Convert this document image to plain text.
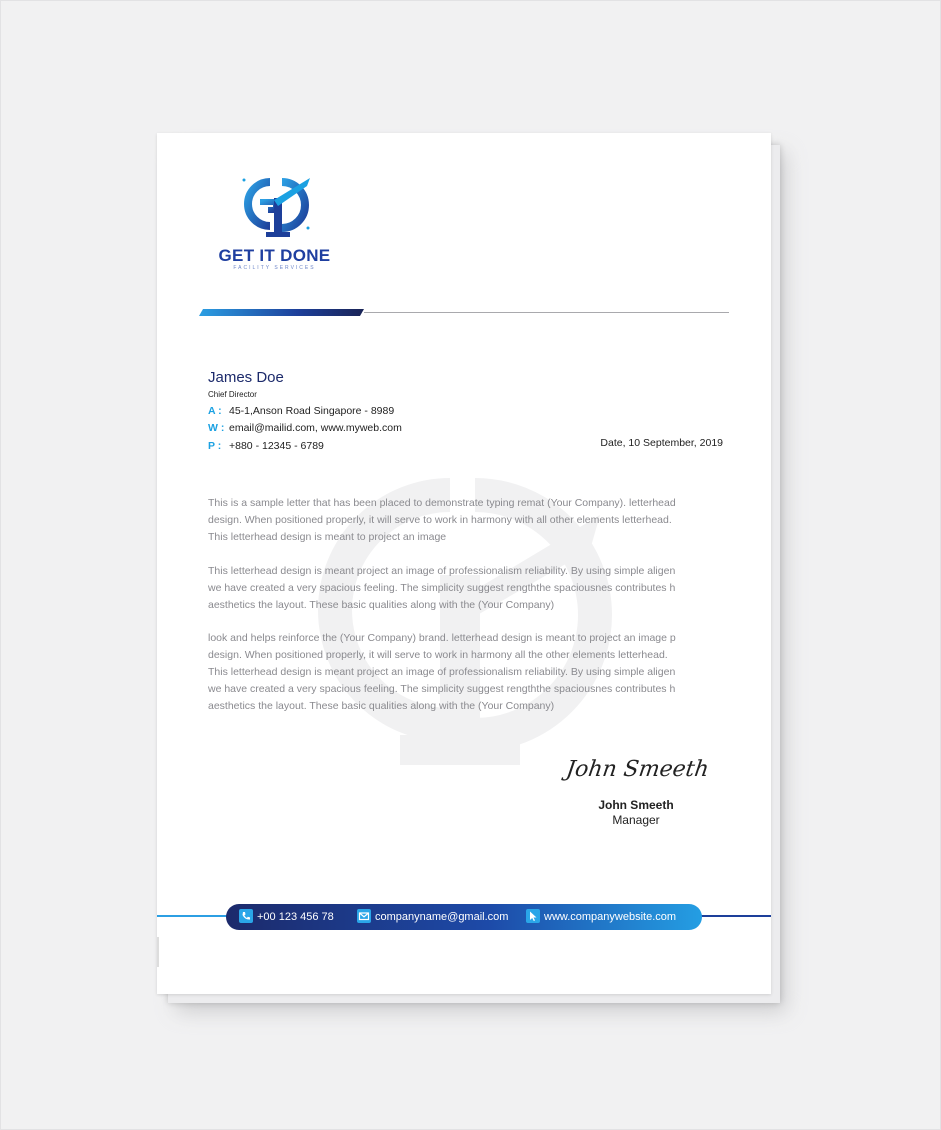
GET IT DONE
FACILITY SERVICES
James Doe
Chief Director
A : 45-1,Anson Road Singapore - 8989
W : email@mailid.com, www.myweb.com
P : +880 - 12345 - 6789	Date, 10 September, 2019

This is a sample letter that has been placed to demonstrate typing remat (Your Company). letterhead
design. When positioned properly, it will serve to work in harmony with all other elements letterhead.
This letterhead design is meant to project an image

This letterhead design is meant project an image of professionalism reliability. By using simple aligen
we have created a very spacious feeling. The simplicity suggest rengththe spaciousnes contributes h
aesthetics the layout. These basic qualities along with the (Your Company)

look and helps reinforce the (Your Company) brand. letterhead design is meant to project an image p
design. When positioned properly, it will serve to work in harmony all the other elements letterhead.
This letterhead design is meant project an image of professionalism reliability. By using simple aligen
we have created a very spacious feeling. The simplicity suggest rengththe spaciousnes contributes h
aesthetics the layout. These basic qualities along with the (Your Company)

John Smeeth
John Smeeth
Manager
+00 123 456 78	companyname@gmail.com	www.companywebsite.com
